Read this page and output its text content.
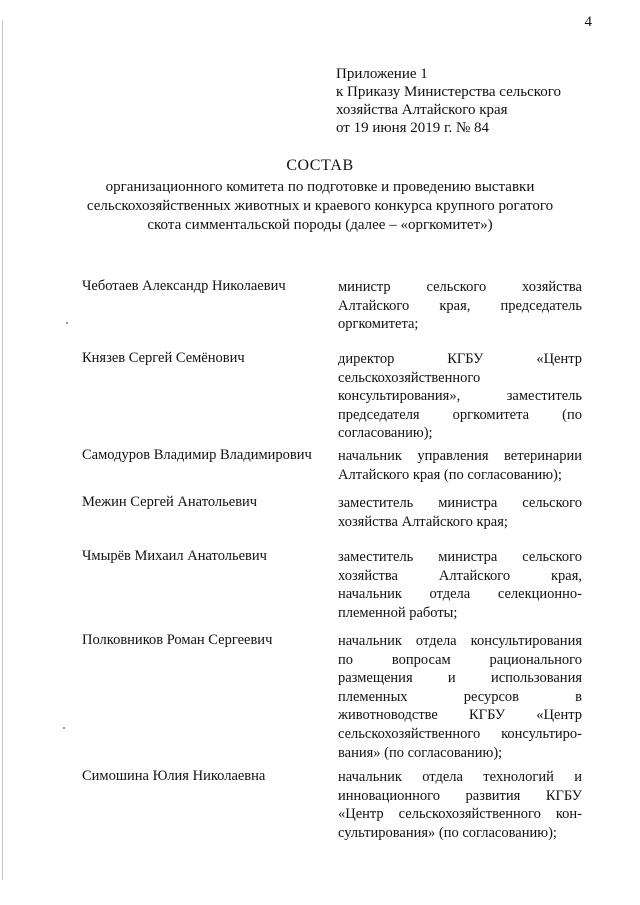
4
Приложение 1
к Приказу Министерства сельского
хозяйства Алтайского края
от 19 июня 2019 г. № 84
СОСТАВ
организационного комитета по подготовке и проведению выставки
сельскохозяйственных животных и краевого конкурса крупного рогатого
скота симментальской породы (далее – «оргкомитет»)
Чеботаев Александр Николаевич	министр сельского хозяйства
Алтайского края, председатель
оргкомитета;
Князев Сергей Семёнович	директор КГБУ «Центр
сельскохозяйственного
консультирования», заместитель
председателя оргкомитета (по
согласованию);
Самодуров Владимир Владимирович начальник управления ветеринарии
Алтайского края (по согласованию);
Межин Сергей Анатольевич	заместитель министра сельского
хозяйства Алтайского края;
Чмырёв Михаил Анатольевич	заместитель министра сельского
хозяйства Алтайского края,
начальник отдела селекционно-
племенной работы;
Полковников Роман Сергеевич	начальник отдела консультирования
по вопросам рационального
размещения и использования
племенных ресурсов в
животноводстве КГБУ «Центр
сельскохозяйственного консультиро-
вания» (по согласованию);
Симошина Юлия Николаевна	начальник отдела технологий и
инновационного развития КГБУ
«Центр сельскохозяйственного кон-
сультирования» (по согласованию);
